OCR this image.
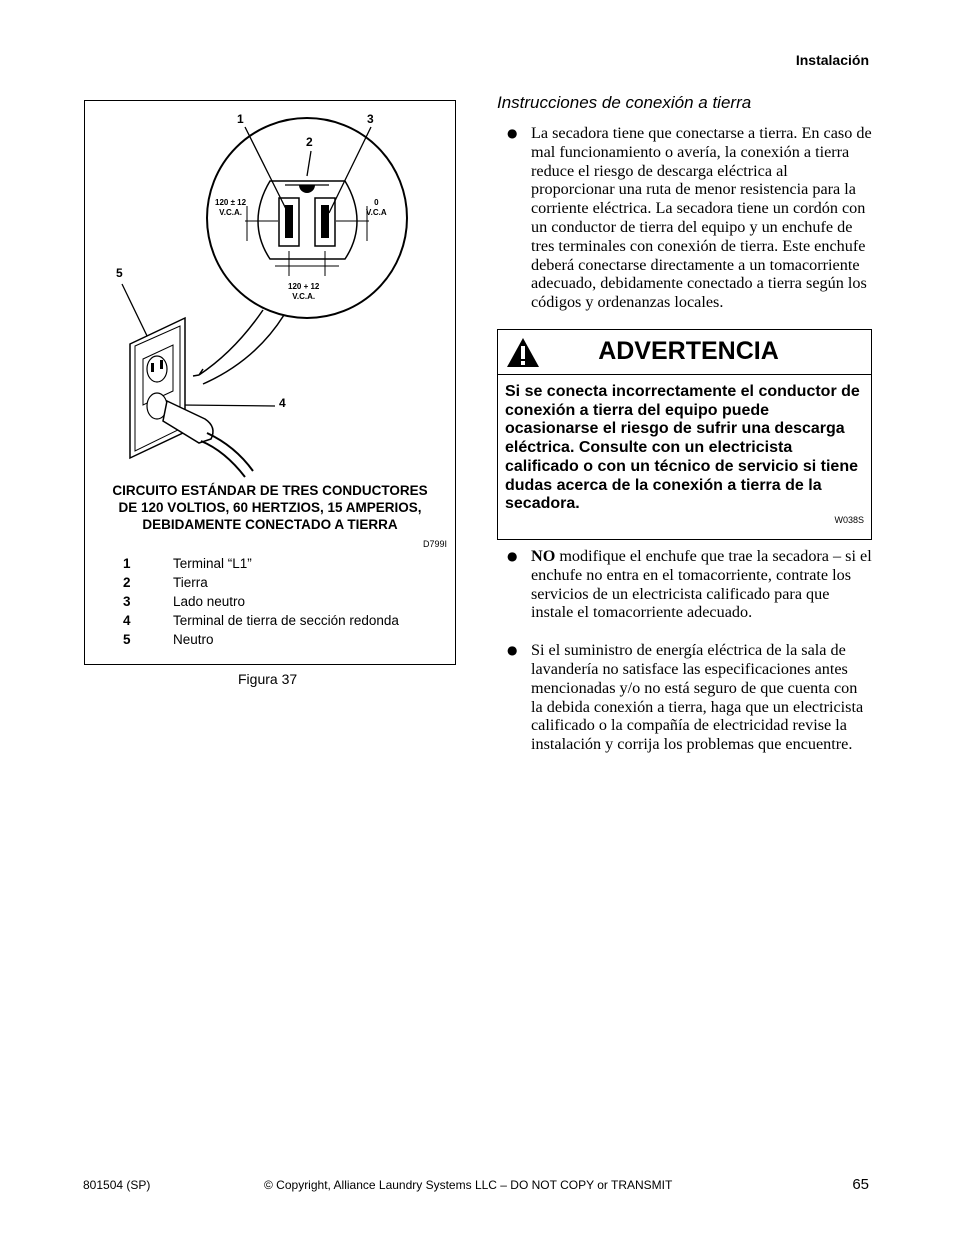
Instalación
1
2
3
5
4
120 ± 12
V.C.A.
0
V.C.A
120 + 12
V.C.A.
CIRCUITO ESTÁNDAR DE TRES CONDUCTORES
DE 120 VOLTIOS, 60 HERTZIOS, 15 AMPERIOS,
DEBIDAMENTE CONECTADO A TIERRA
D799I
1	Terminal “L1”
2	Tierra
3	Lado neutro
4	Terminal de tierra de sección redonda
5	Neutro
Figura 37
Instrucciones de conexión a tierra
● La secadora tiene que conectarse a tierra. En caso de mal funcionamiento o avería, la conexión a tierra reduce el riesgo de descarga eléctrica al proporcionar una ruta de menor resistencia para la corriente eléctrica. La secadora tiene un cordón con un conductor de tierra del equipo y un enchufe de tres terminales con conexión de tierra. Este enchufe deberá conectarse directamente a un tomacorriente adecuado, debidamente conectado a tierra según los códigos y ordenanzas locales.
ADVERTENCIA
Si se conecta incorrectamente el conductor de conexión a tierra del equipo puede ocasionarse el riesgo de sufrir una descarga eléctrica. Consulte con un electricista calificado o con un técnico de servicio si tiene dudas acerca de la conexión a tierra de la secadora.
W038S
● NO modifique el enchufe que trae la secadora – si el enchufe no entra en el tomacorriente, contrate los servicios de un electricista calificado para que instale el tomacorriente adecuado.
● Si el suministro de energía eléctrica de la sala de lavandería no satisface las especificaciones antes mencionadas y/o no está seguro de que cuenta con la debida conexión a tierra, haga que un electricista calificado o la compañía de electricidad revise la instalación y corrija los problemas que encuentre.
801504 (SP)	© Copyright, Alliance Laundry Systems LLC – DO NOT COPY or TRANSMIT	65
